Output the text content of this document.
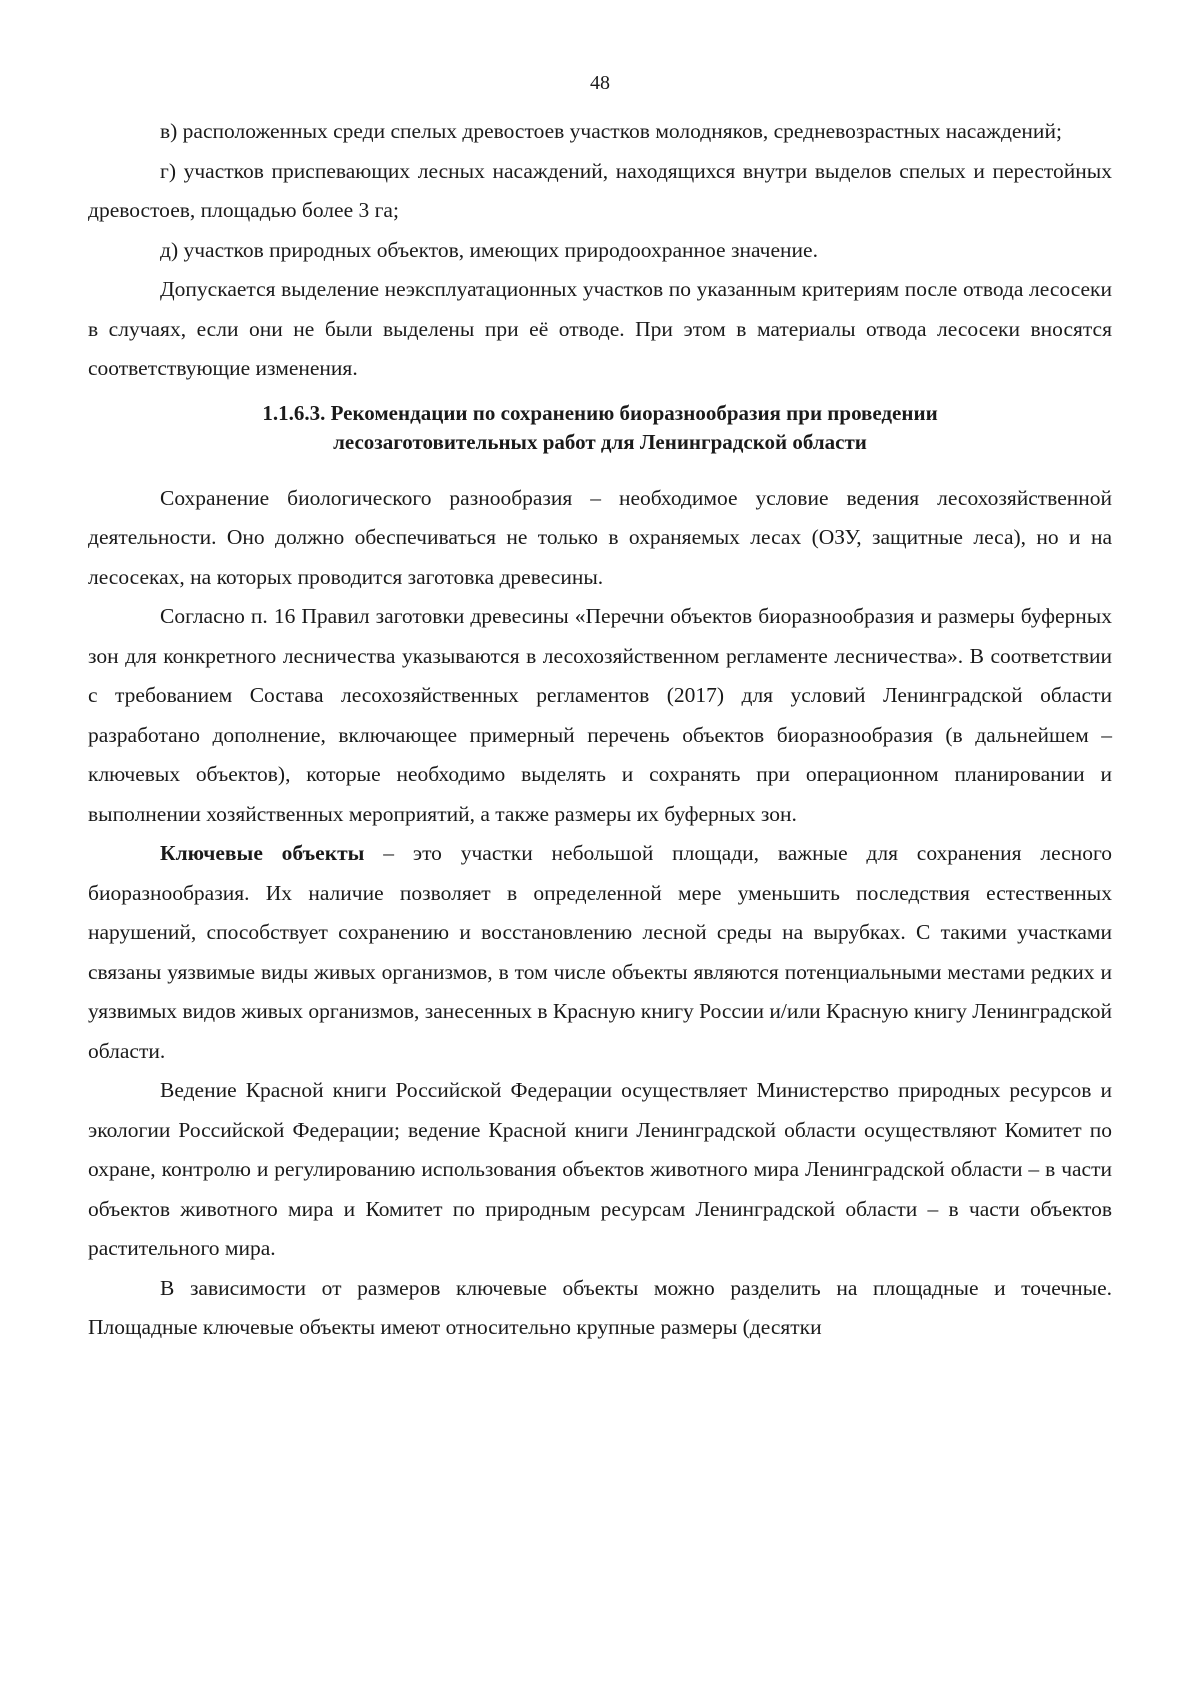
48

в) расположенных среди спелых древостоев участков молодняков, средневозрастных насаждений;

г) участков приспевающих лесных насаждений, находящихся внутри выделов спелых и перестойных древостоев, площадью более 3 га;

д) участков природных объектов, имеющих природоохранное значение.

Допускается выделение неэксплуатационных участков по указанным критериям после отвода лесосеки в случаях, если они не были выделены при её отводе. При этом в материалы отвода лесосеки вносятся соответствующие изменения.

1.1.6.3. Рекомендации по сохранению биоразнообразия при проведении
лесозаготовительных работ для Ленинградской области

Сохранение биологического разнообразия – необходимое условие ведения лесохозяйственной деятельности. Оно должно обеспечиваться не только в охраняемых лесах (ОЗУ, защитные леса), но и на лесосеках, на которых проводится заготовка древесины.

Согласно п. 16 Правил заготовки древесины «Перечни объектов биоразнообразия и размеры буферных зон для конкретного лесничества указываются в лесохозяйственном регламенте лесничества». В соответствии с требованием Состава лесохозяйственных регламентов (2017) для условий Ленинградской области разработано дополнение, включающее примерный перечень объектов биоразнообразия (в дальнейшем – ключевых объектов), которые необходимо выделять и сохранять при операционном планировании и выполнении хозяйственных мероприятий, а также размеры их буферных зон.

Ключевые объекты – это участки небольшой площади, важные для сохранения лесного биоразнообразия. Их наличие позволяет в определенной мере уменьшить последствия естественных нарушений, способствует сохранению и восстановлению лесной среды на вырубках. С такими участками связаны уязвимые виды живых организмов, в том числе объекты являются потенциальными местами редких и уязвимых видов живых организмов, занесенных в Красную книгу России и/или Красную книгу Ленинградской области.

Ведение Красной книги Российской Федерации осуществляет Министерство природных ресурсов и экологии Российской Федерации; ведение Красной книги Ленинградской области осуществляют Комитет по охране, контролю и регулированию использования объектов животного мира Ленинградской области – в части объектов животного мира и Комитет по природным ресурсам Ленинградской области – в части объектов растительного мира.

В зависимости от размеров ключевые объекты можно разделить на площадные и точечные. Площадные ключевые объекты имеют относительно крупные размеры (десятки
